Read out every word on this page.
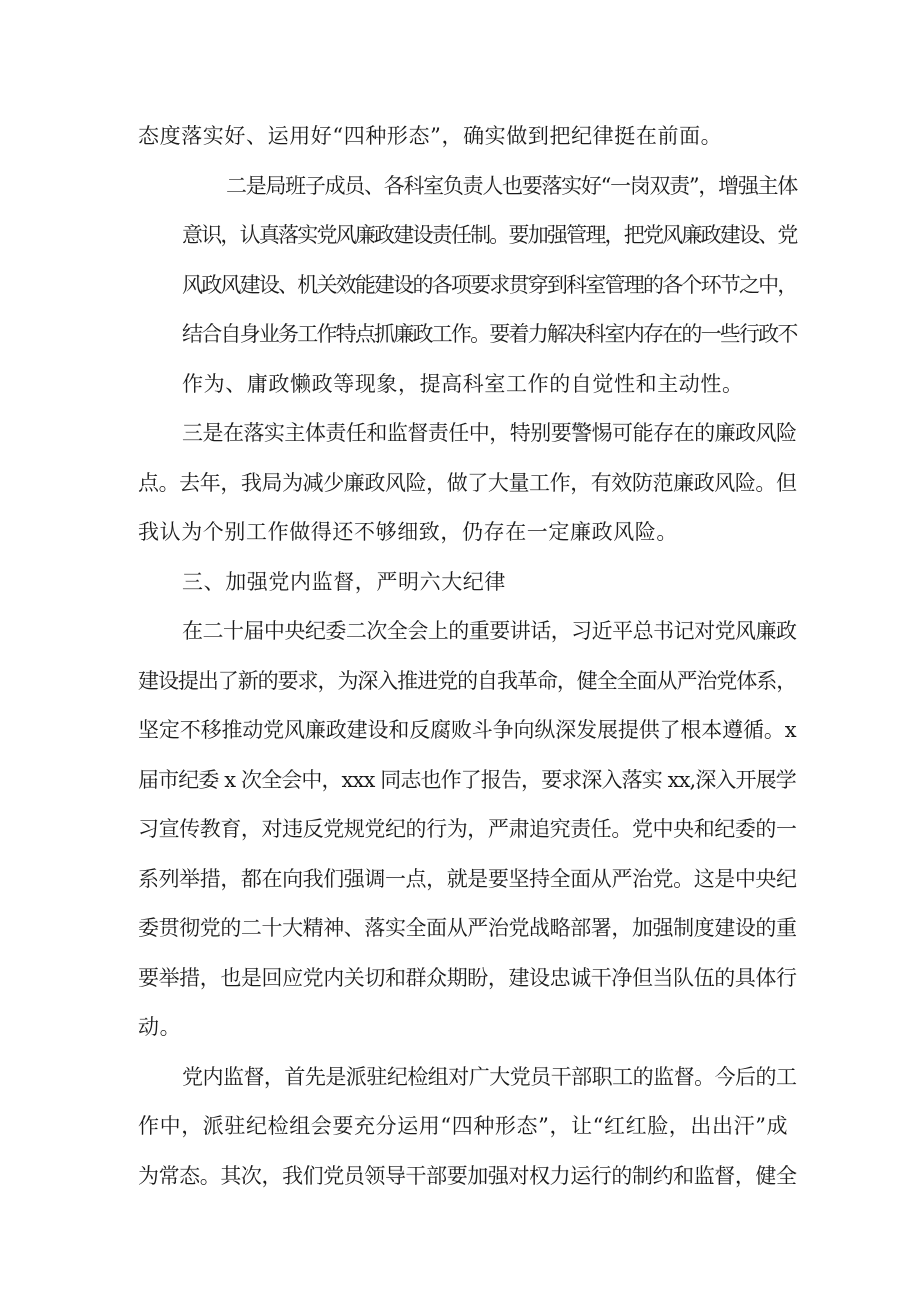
态度落实好、运用好“四种形态”，确实做到把纪律挺在前面。

二是局班子成员、各科室负责人也要落实好“一岗双责”，增强主体
意识，认真落实党风廉政建设责任制。要加强管理，把党风廉政建设、党
风政风建设、机关效能建设的各项要求贯穿到科室管理的各个环节之中，
结合自身业务工作特点抓廉政工作。要着力解决科室内存在的一些行政不
作为、庸政懒政等现象，提高科室工作的自觉性和主动性。

三是在落实主体责任和监督责任中，特别要警惕可能存在的廉政风险
点。去年，我局为减少廉政风险，做了大量工作，有效防范廉政风险。但
我认为个别工作做得还不够细致，仍存在一定廉政风险。

三、加强党内监督，严明六大纪律

在二十届中央纪委二次全会上的重要讲话，习近平总书记对党风廉政
建设提出了新的要求，为深入推进党的自我革命，健全全面从严治党体系，
坚定不移推动党风廉政建设和反腐败斗争向纵深发展提供了根本遵循。x
届市纪委 x 次全会中，xxx 同志也作了报告，要求深入落实 xx,深入开展学
习宣传教育，对违反党规党纪的行为，严肃追究责任。党中央和纪委的一
系列举措，都在向我们强调一点，就是要坚持全面从严治党。这是中央纪
委贯彻党的二十大精神、落实全面从严治党战略部署，加强制度建设的重
要举措，也是回应党内关切和群众期盼，建设忠诚干净但当队伍的具体行
动。

党内监督，首先是派驻纪检组对广大党员干部职工的监督。今后的工
作中，派驻纪检组会要充分运用“四种形态”，让“红红脸，出出汗”成
为常态。其次，我们党员领导干部要加强对权力运行的制约和监督，健全
